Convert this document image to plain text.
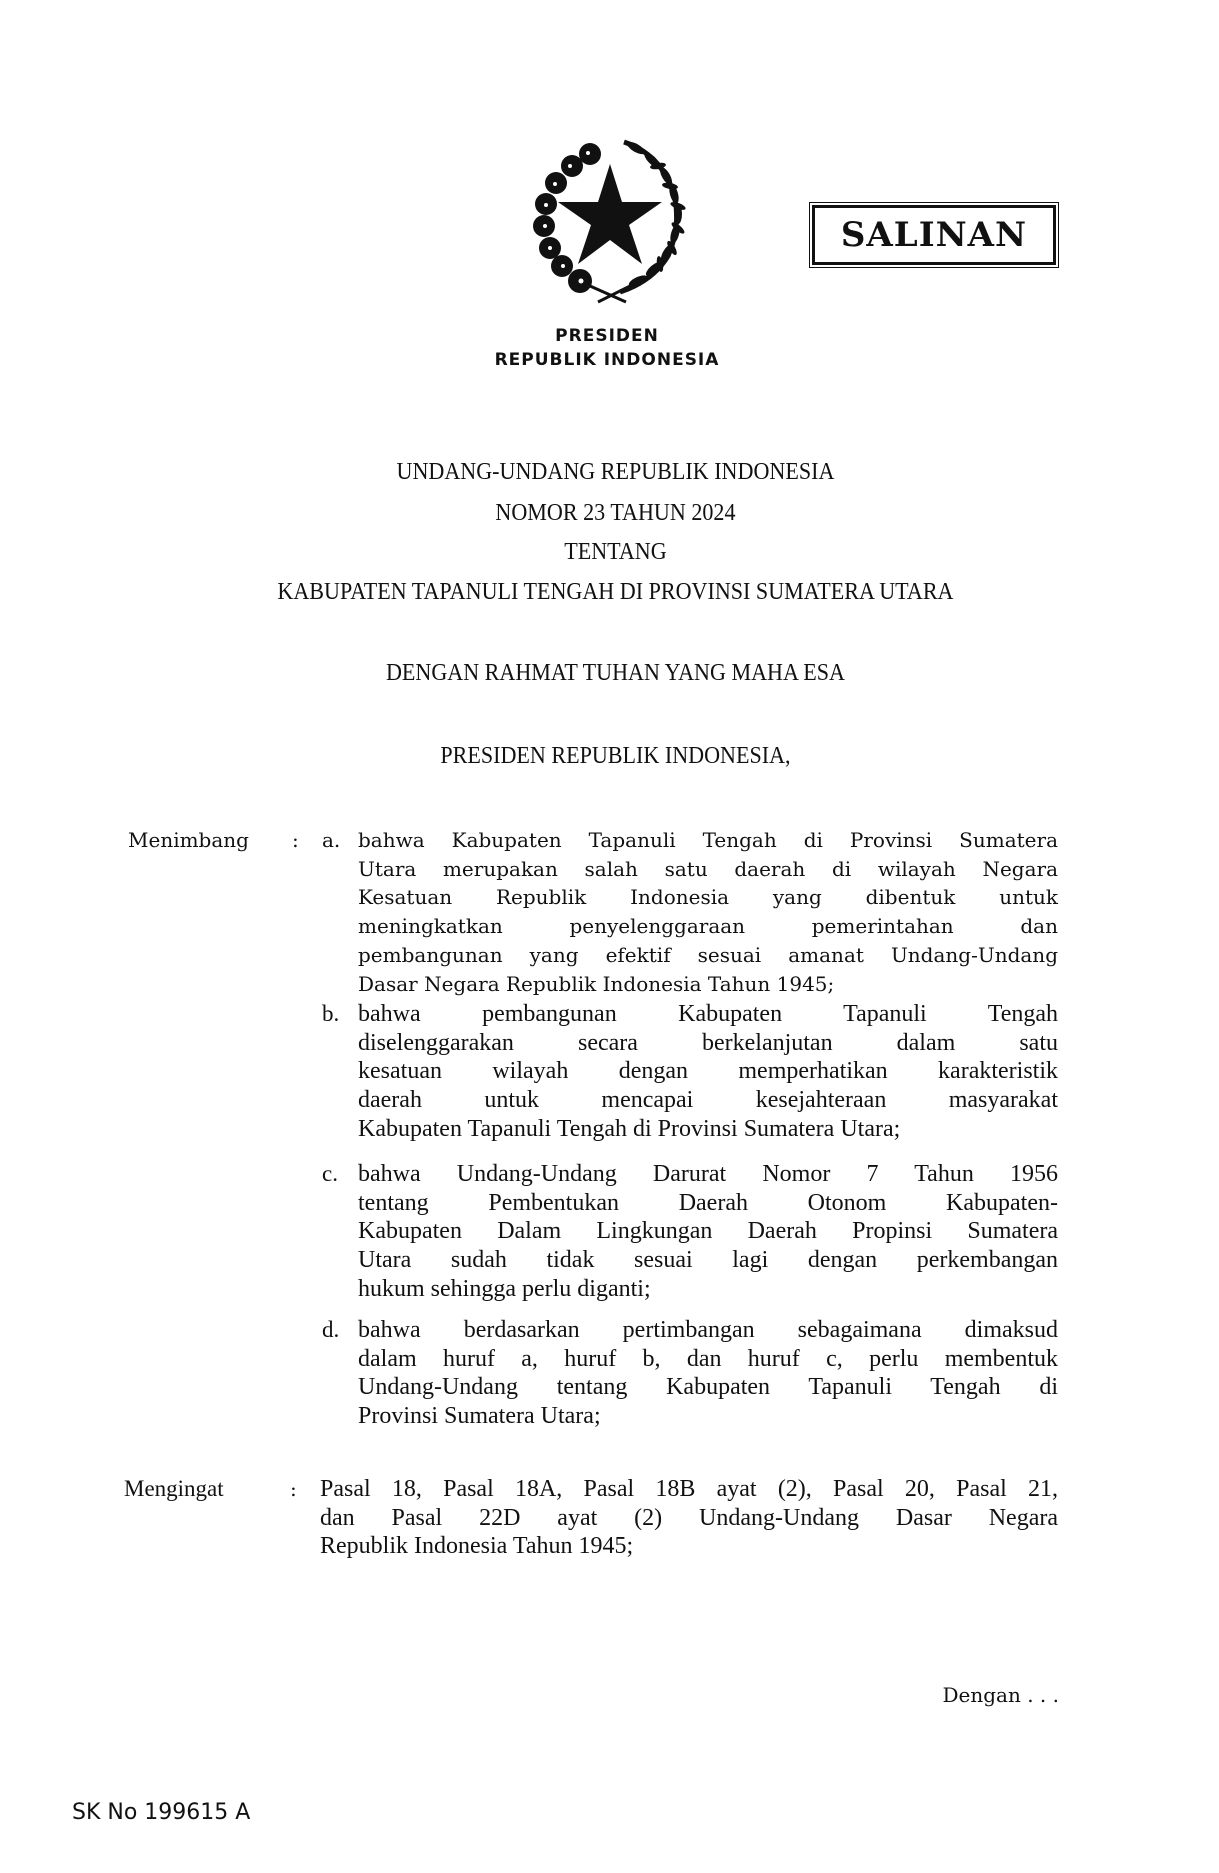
SALINAN
PRESIDEN
REPUBLIK INDONESIA
UNDANG-UNDANG REPUBLIK INDONESIA
NOMOR 23 TAHUN 2024
TENTANG
KABUPATEN TAPANULI TENGAH DI PROVINSI SUMATERA UTARA
DENGAN RAHMAT TUHAN YANG MAHA ESA
PRESIDEN REPUBLIK INDONESIA,
Menimbang : a. bahwa Kabupaten Tapanuli Tengah di Provinsi Sumatera
Utara merupakan salah satu daerah di wilayah Negara
Kesatuan Republik Indonesia yang dibentuk untuk
meningkatkan penyelenggaraan pemerintahan dan
pembangunan yang efektif sesuai amanat Undang-Undang
Dasar Negara Republik Indonesia Tahun 1945;
b. bahwa pembangunan Kabupaten Tapanuli Tengah
diselenggarakan secara berkelanjutan dalam satu
kesatuan wilayah dengan memperhatikan karakteristik
daerah untuk mencapai kesejahteraan masyarakat
Kabupaten Tapanuli Tengah di Provinsi Sumatera Utara;
c. bahwa Undang-Undang Darurat Nomor 7 Tahun 1956
tentang Pembentukan Daerah Otonom Kabupaten-
Kabupaten Dalam Lingkungan Daerah Propinsi Sumatera
Utara sudah tidak sesuai lagi dengan perkembangan
hukum sehingga perlu diganti;
d. bahwa berdasarkan pertimbangan sebagaimana dimaksud
dalam huruf a, huruf b, dan huruf c, perlu membentuk
Undang-Undang tentang Kabupaten Tapanuli Tengah di
Provinsi Sumatera Utara;
Mengingat	: Pasal 18, Pasal 18A, Pasal 18B ayat (2), Pasal 20, Pasal 21,
dan Pasal 22D ayat (2) Undang-Undang Dasar Negara
Republik Indonesia Tahun 1945;
Dengan . . .
SK No 199615 A
